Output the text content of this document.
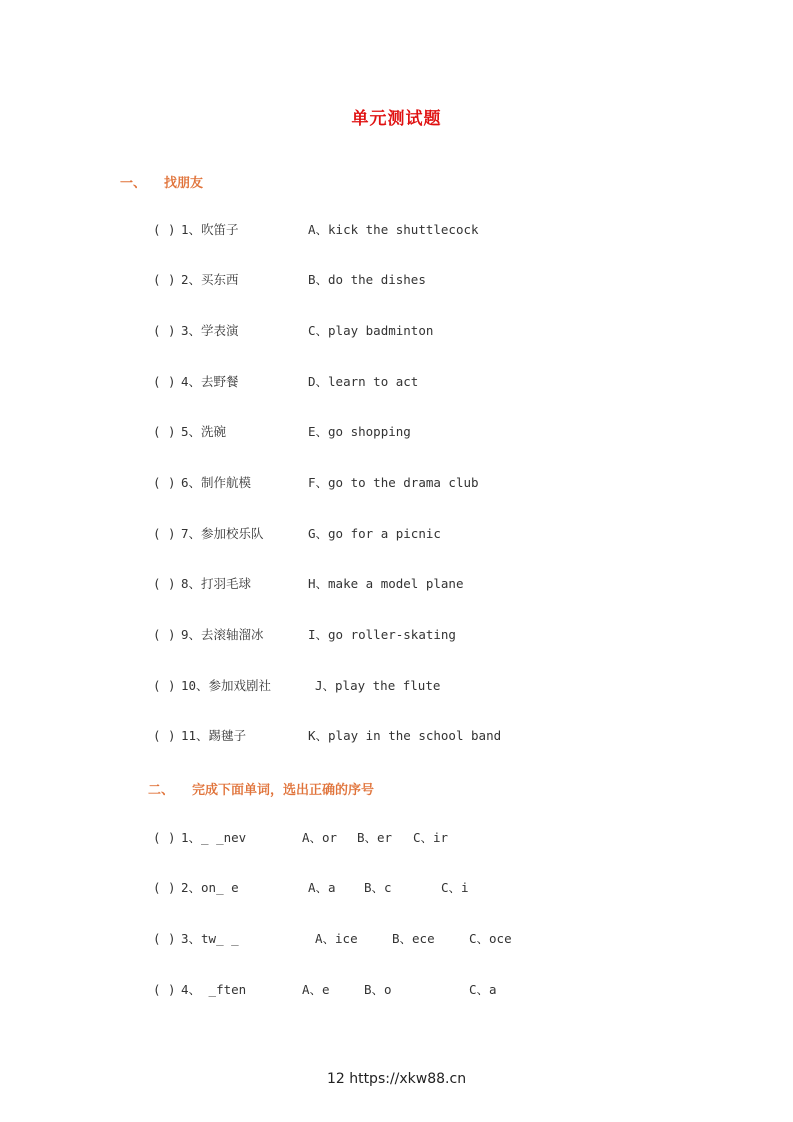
单元测试题
一、 找朋友
( ) 1、吹笛子	A、kick the shuttlecock
( ) 2、买东西	B、do the dishes
( ) 3、学表演	C、play badminton
( ) 4、去野餐	D、learn to act
( ) 5、洗碗	E、go shopping
( ) 6、制作航模	F、go to the drama club
( ) 7、参加校乐队	G、go for a picnic
( ) 8、打羽毛球	H、make a model plane
( ) 9、去滚轴溜冰	I、go roller-skating
( ) 10、参加戏剧社	J、play the flute
( ) 11、踢毽子	K、play in the school band
二、 完成下面单词，选出正确的序号
( ) 1、_ _nev	A、or B、er C、ir
( ) 2、on_ e	A、a B、c	C、i
( ) 3、tw_ _	A、ice	B、ece	C、oce
( ) 4、 _ften	A、e	B、o	C、a
12 https://xkw88.cn
